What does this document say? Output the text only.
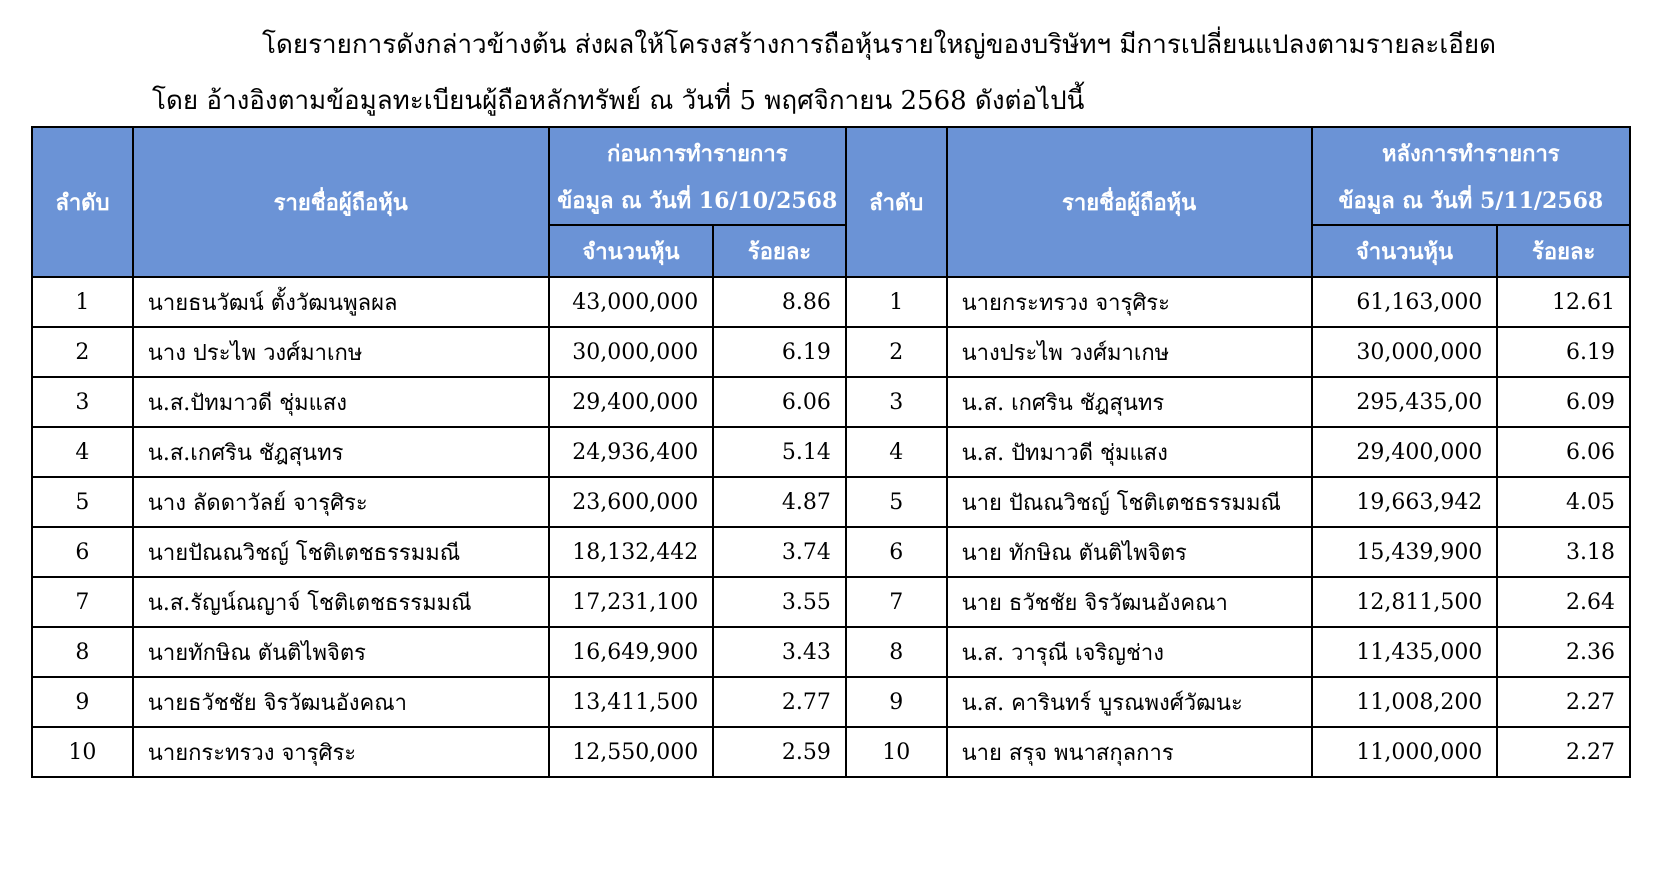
โดยรายการดังกล่าวข้างต้น ส่งผลให้โครงสร้างการถือหุ้นรายใหญ่ของบริษัทฯ มีการเปลี่ยนแปลงตามรายละเอียด
โดย อ้างอิงตามข้อมูลทะเบียนผู้ถือหลักทรัพย์ ณ วันที่ 5 พฤศจิกายน 2568 ดังต่อไปนี้
ลำดับ	รายชื่อผู้ถือหุ้น	ก่อนการทำรายการ		ลำดับ	รายชื่อผู้ถือหุ้น	หลังการทำรายการ	
		ข้อมูล ณ วันที่ 16/10/2568				ข้อมูล ณ วันที่ 5/11/2568	
		จำนวนหุ้น	ร้อยละ			จำนวนหุ้น	ร้อยละ
1	นายธนวัฒน์ ตั้งวัฒนพูลผล	43,000,000	8.86	1	นายกระทรวง จารุศิระ	61,163,000	12.61
2	นาง ประไพ วงศ์มาเกษ	30,000,000	6.19	2	นางประไพ วงศ์มาเกษ	30,000,000	6.19
3	น.ส.ปัทมาวดี ชุ่มแสง	29,400,000	6.06	3	น.ส. เกศริน ชัฎสุนทร	295,435,00	6.09
4	น.ส.เกศริน ชัฎสุนทร	24,936,400	5.14	4	น.ส. ปัทมาวดี ชุ่มแสง	29,400,000	6.06
5	นาง ลัดดาวัลย์ จารุศิระ	23,600,000	4.87	5	นาย ปัณณวิชญ์ โชติเตชธรรมมณี	19,663,942	4.05
6	นายปัณณวิชญ์ โชติเตชธรรมมณี	18,132,442	3.74	6	นาย ทักษิณ ตันติไพจิตร	15,439,900	3.18
7	น.ส.รัญน์ณญาจ์ โชติเตชธรรมมณี	17,231,100	3.55	7	นาย ธวัชชัย จิรวัฒนอังคณา	12,811,500	2.64
8	นายทักษิณ ตันติไพจิตร	16,649,900	3.43	8	น.ส. วารุณี เจริญช่าง	11,435,000	2.36
9	นายธวัชชัย จิรวัฒนอังคณา	13,411,500	2.77	9	น.ส. คารินทร์ บูรณพงศ์วัฒนะ	11,008,200	2.27
10	นายกระทรวง จารุศิระ	12,550,000	2.59	10	นาย สรุจ พนาสกุลการ	11,000,000	2.27
